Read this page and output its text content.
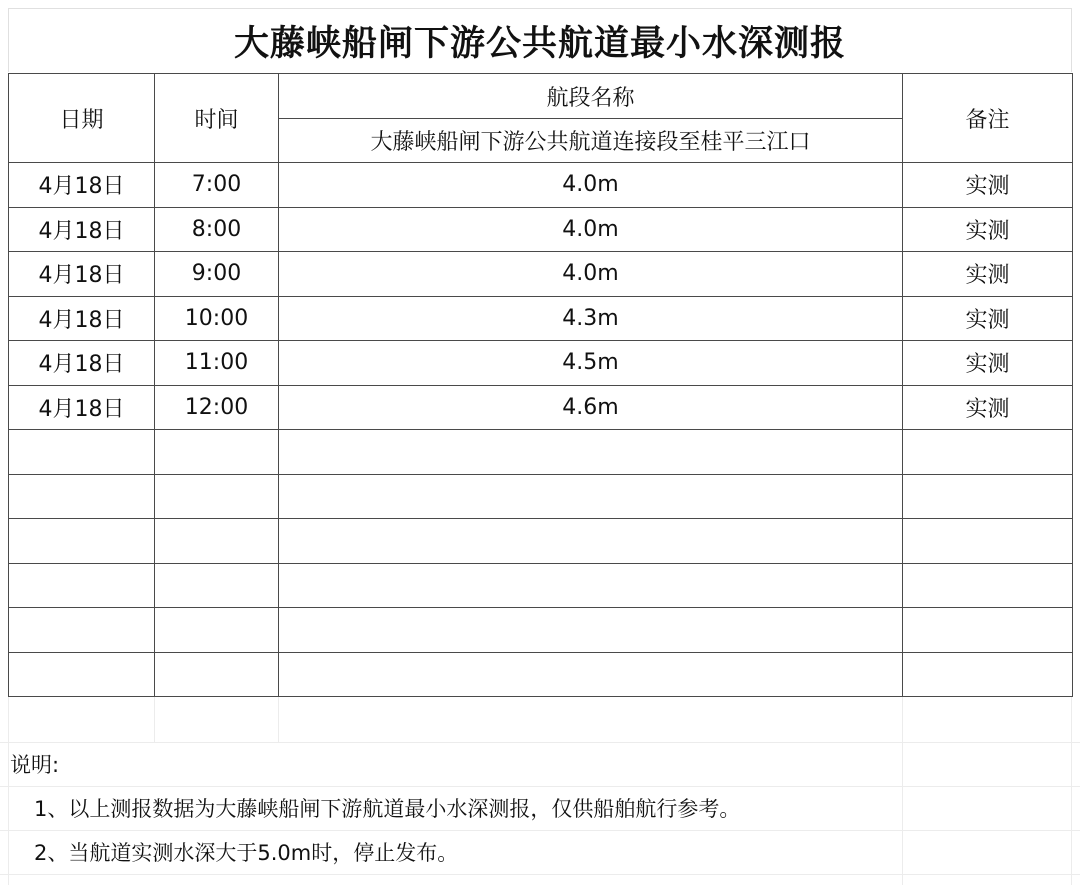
大藤峡船闸下游公共航道最小水深测报
日期	时间	航段名称	备注
		大藤峡船闸下游公共航道连接段至桂平三江口	
4月18日	7:00	4.0m	实测
4月18日	8:00	4.0m	实测
4月18日	9:00	4.0m	实测
4月18日	10:00	4.3m	实测
4月18日	11:00	4.5m	实测
4月18日	12:00	4.6m	实测

说明:
1、以上测报数据为大藤峡船闸下游航道最小水深测报，仅供船舶航行参考。
2、当航道实测水深大于5.0m时，停止发布。
